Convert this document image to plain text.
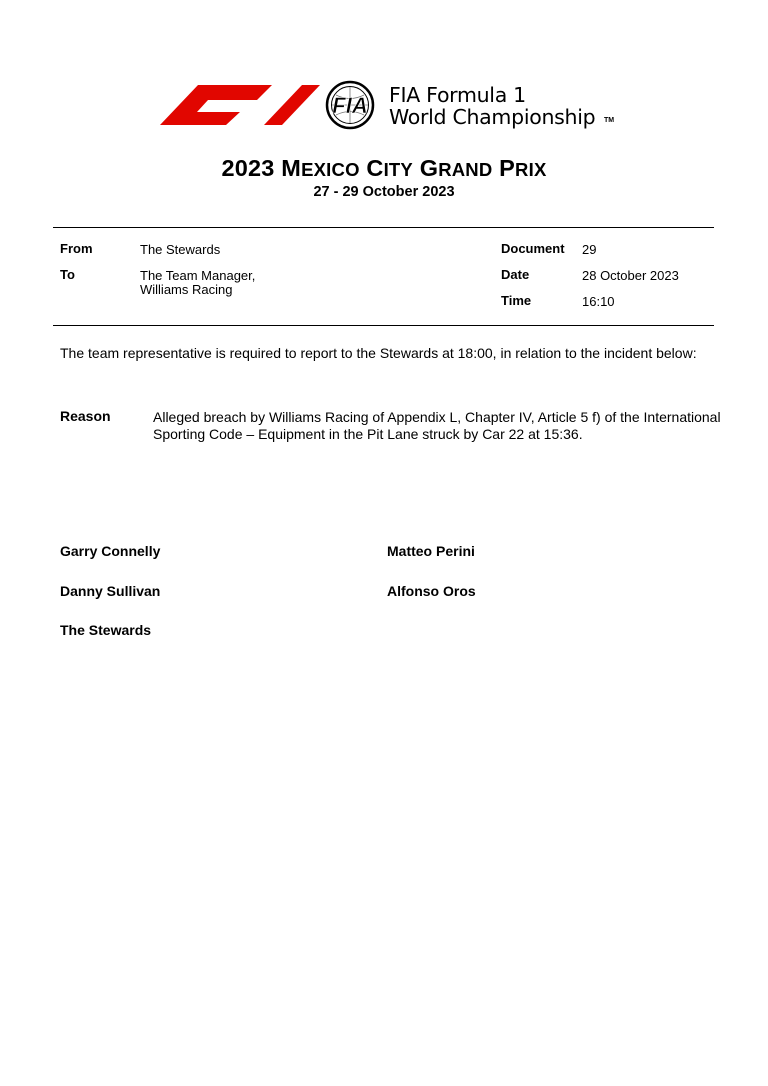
FIA FIA Formula 1
World Championship TM
2023 MEXICO CITY GRAND PRIX
27 - 29 October 2023
From	The Stewards
To	The Team Manager,
Williams Racing
Document 29
Date	28 October 2023
Time	16:10
The team representative is required to report to the Stewards at 18:00, in relation to the incident below:
Reason	Alleged breach by Williams Racing of Appendix L, Chapter IV, Article 5 f) of the International Sporting Code – Equipment in the Pit Lane struck by Car 22 at 15:36.
Garry Connelly	Matteo Perini
Danny Sullivan	Alfonso Oros
The Stewards
